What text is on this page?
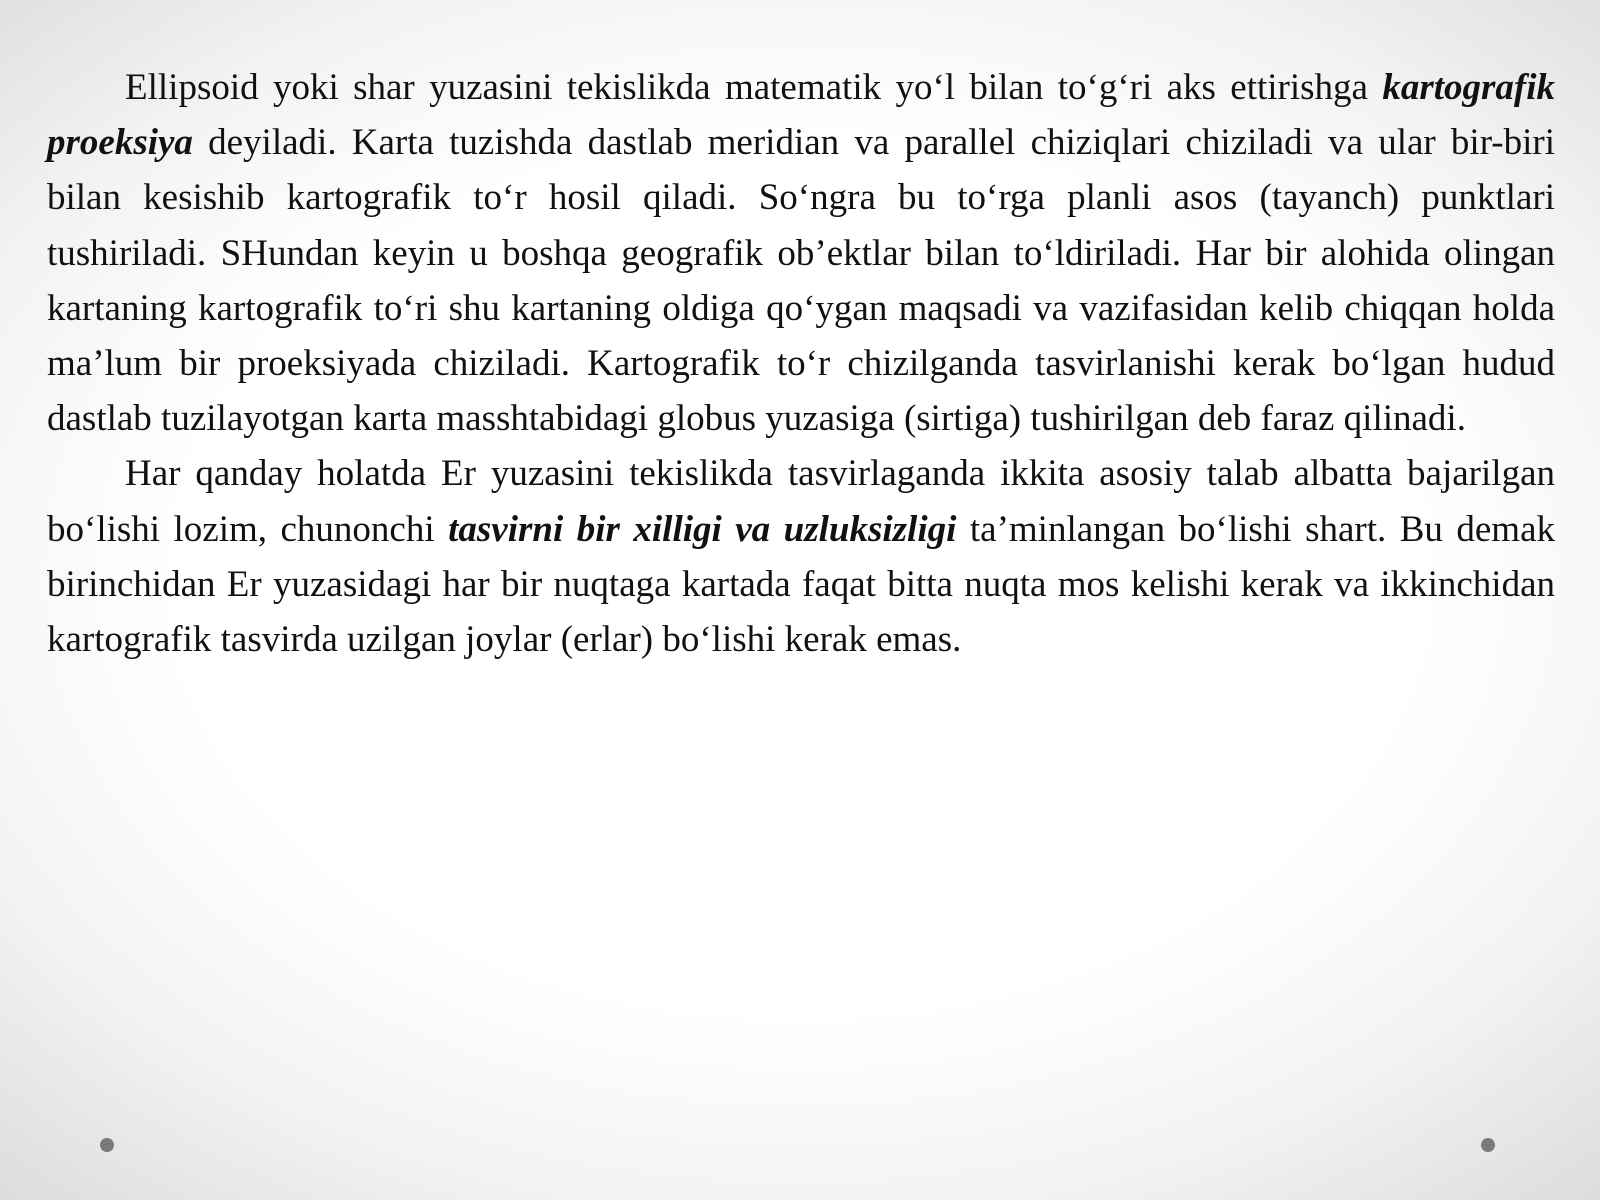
Ellipsoid yoki shar yuzasini tekislikda matematik yo‘l bilan to‘g‘ri aks ettirishga kartografik proeksiya deyiladi. Karta tuzishda dastlab meridian va parallel chiziqlari chiziladi va ular bir-biri bilan kesishib kartografik to‘r hosil qiladi. So‘ngra bu to‘rga planli asos (tayanch) punktlari tushiriladi. SHundan keyin u boshqa geografik ob’ektlar bilan to‘ldiriladi. Har bir alohida olingan kartaning kartografik to‘ri shu kartaning oldiga qo‘ygan maqsadi va vazifasidan kelib chiqqan holda ma’lum bir proeksiyada chiziladi. Kartografik to‘r chizilganda tasvirlanishi kerak bo‘lgan hudud dastlab tuzilayotgan karta masshtabidagi globus yuzasiga (sirtiga) tushirilgan deb faraz qilinadi.

Har qanday holatda Er yuzasini tekislikda tasvirlaganda ikkita asosiy talab albatta bajarilgan bo‘lishi lozim, chunonchi tasvirni bir xilligi va uzluksizligi ta’minlangan bo‘lishi shart. Bu demak birinchidan Er yuzasidagi har bir nuqtaga kartada faqat bitta nuqta mos kelishi kerak va ikkinchidan kartografik tasvirda uzilgan joylar (erlar) bo‘lishi kerak emas.
